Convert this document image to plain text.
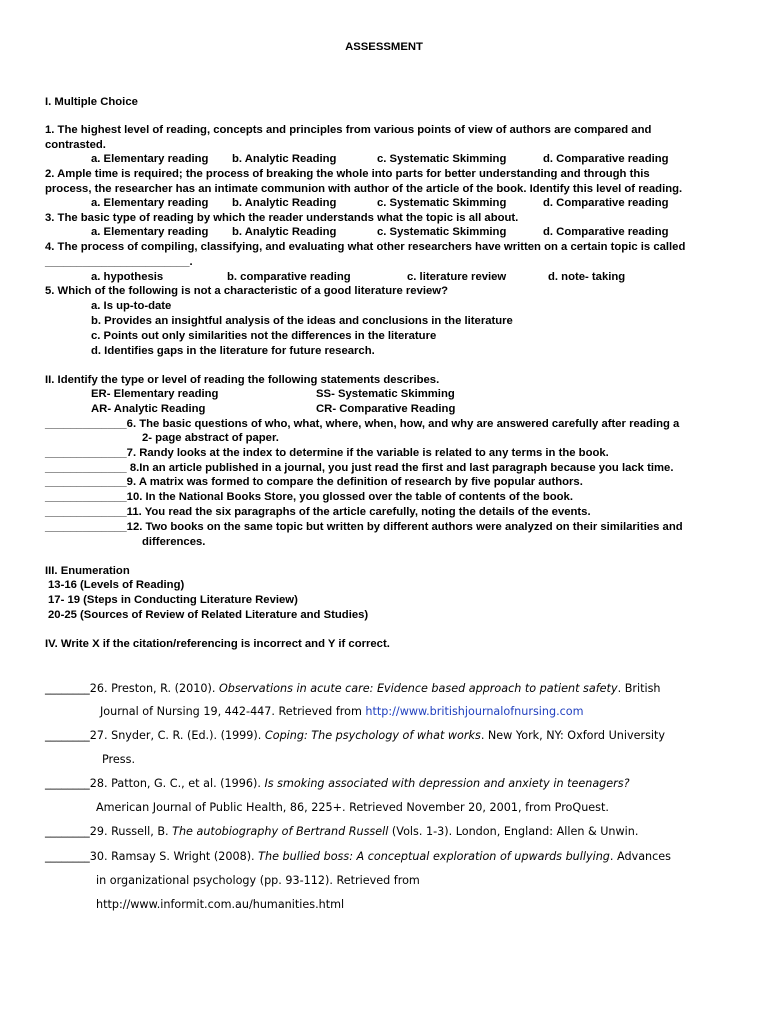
ASSESSMENT
I. Multiple Choice
1. The highest level of reading, concepts and principles from various points of view of authors are compared and
contrasted.
a. Elementary reading b. Analytic Reading	c. Systematic Skimming	d. Comparative reading
2. Ample time is required; the process of breaking the whole into parts for better understanding and through this
process, the researcher has an intimate communion with author of the article of the book. Identify this level of reading.
a. Elementary reading b. Analytic Reading	c. Systematic Skimming	d. Comparative reading
3. The basic type of reading by which the reader understands what the topic is all about.
a. Elementary reading b. Analytic Reading	c. Systematic Skimming	d. Comparative reading
4. The process of compiling, classifying, and evaluating what other researchers have written on a certain topic is called
_______________________.
a. hypothesis	b. comparative reading	c. literature review	d. note- taking
5. Which of the following is not a characteristic of a good literature review?
a. Is up-to-date
b. Provides an insightful analysis of the ideas and conclusions in the literature
c. Points out only similarities not the differences in the literature
d. Identifies gaps in the literature for future research.
II. Identify the type or level of reading the following statements describes.
ER- Elementary reading	SS- Systematic Skimming
AR- Analytic Reading	CR- Comparative Reading
_____________6. The basic questions of who, what, where, when, how, and why are answered carefully after reading a
2- page abstract of paper.
_____________7. Randy looks at the index to determine if the variable is related to any terms in the book.
_____________ 8.In an article published in a journal, you just read the first and last paragraph because you lack time.
_____________9. A matrix was formed to compare the definition of research by five popular authors.
_____________10. In the National Books Store, you glossed over the table of contents of the book.
_____________11. You read the six paragraphs of the article carefully, noting the details of the events.
_____________12. Two books on the same topic but written by different authors were analyzed on their similarities and
differences.
III. Enumeration
13-16 (Levels of Reading)
17- 19 (Steps in Conducting Literature Review)
20-25 (Sources of Review of Related Literature and Studies)
IV. Write X if the citation/referencing is incorrect and Y if correct.
________26. Preston, R. (2010). Observations in acute care: Evidence based approach to patient safety. British
Journal of Nursing 19, 442-447. Retrieved from http://www.britishjournalofnursing.com
________27. Snyder, C. R. (Ed.). (1999). Coping: The psychology of what works. New York, NY: Oxford University
Press.
________28. Patton, G. C., et al. (1996). Is smoking associated with depression and anxiety in teenagers?
American Journal of Public Health, 86, 225+. Retrieved November 20, 2001, from ProQuest.
________29. Russell, B. The autobiography of Bertrand Russell (Vols. 1-3). London, England: Allen & Unwin.
________30. Ramsay S. Wright (2008). The bullied boss: A conceptual exploration of upwards bullying. Advances
in organizational psychology (pp. 93-112). Retrieved from
http://www.informit.com.au/humanities.html
